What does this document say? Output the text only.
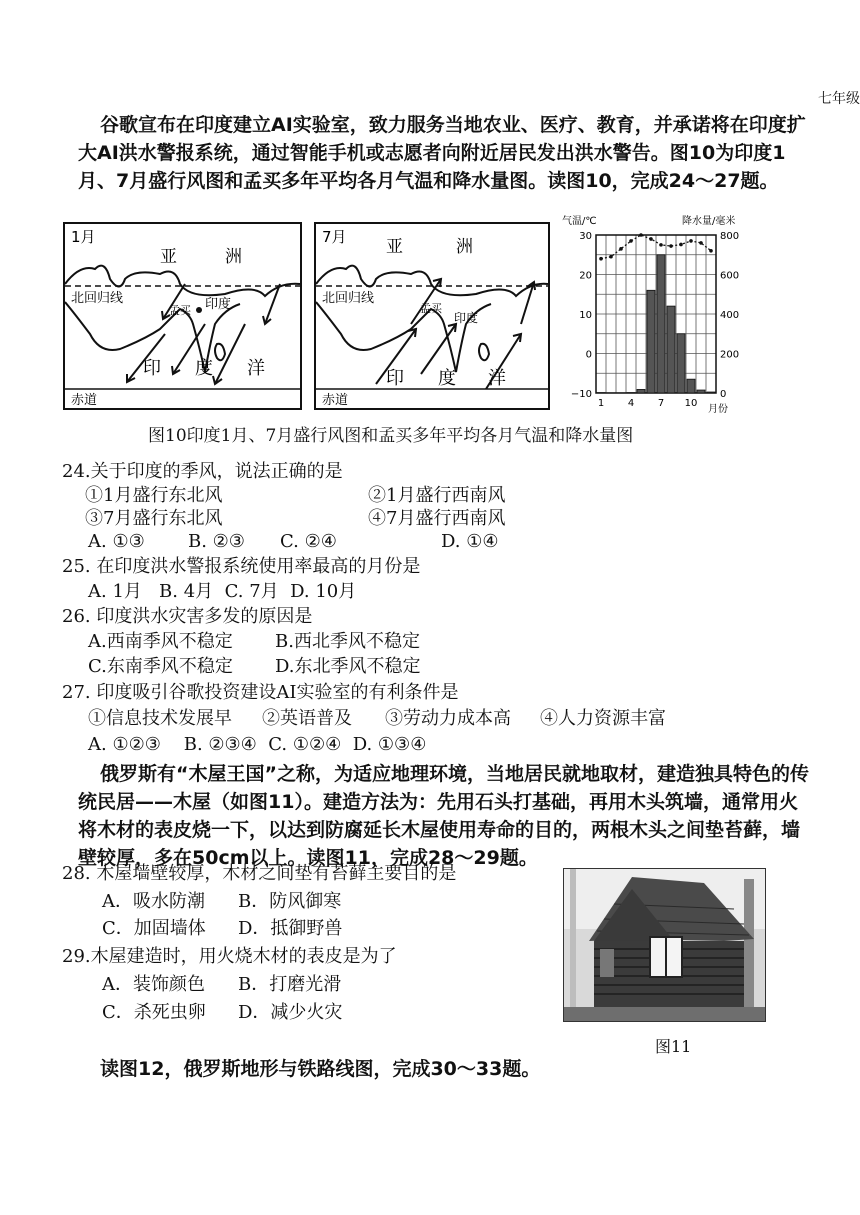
七年级

谷歌宣布在印度建立AI实验室，致力服务当地农业、医疗、教育，并承诺将在印度扩大AI洪水警报系统，通过智能手机或志愿者向附近居民发出洪水警告。图10为印度1月、7月盛行风图和孟买多年平均各月气温和降水量图。读图10，完成24～27题。

1月
亚	洲
北回归线
孟买 印度
印 度 洋
赤道
7月 亚	洲
北回归线
孟买
印度
印 度 洋
赤道
气温/℃	降水量/毫米
30
20
10
0
−10
800
600
400
200
0
1 4 7 10
月份
图10印度1月、7月盛行风图和孟买多年平均各月气温和降水量图
24.关于印度的季风，说法正确的是
①1月盛行东北风	②1月盛行西南风
③7月盛行东北风	④7月盛行西南风
A. ①③ B. ②③ C. ②④	D. ①④
25. 在印度洪水警报系统使用率最高的月份是
A. 1月   B. 4月  C. 7月  D. 10月
26. 印度洪水灾害多发的原因是
A.西南季风不稳定 B.西北季风不稳定
C.东南季风不稳定 D.东北季风不稳定
27. 印度吸引谷歌投资建设AI实验室的有利条件是
①信息技术发展早 ②英语普及 ③劳动力成本高 ④人力资源丰富
A. ①②③    B. ②③④  C. ①②④  D. ①③④

俄罗斯有“木屋王国”之称，为适应地理环境，当地居民就地取材，建造独具特色的传统民居——木屋（如图11）。建造方法为：先用石头打基础，再用木头筑墙，通常用火将木材的表皮烧一下，以达到防腐延长木屋使用寿命的目的，两根木头之间垫苔藓，墙壁较厚，多在50cm以上。读图11，完成28～29题。

28. 木屋墙壁较厚，木材之间垫有苔藓主要目的是
A．吸水防潮 B．防风御寒
C．加固墙体 D．抵御野兽
29.木屋建造时，用火烧木材的表皮是为了
A．装饰颜色 B．打磨光滑
C．杀死虫卵 D．减少火灾
图11
读图12，俄罗斯地形与铁路线图，完成30～33题。
